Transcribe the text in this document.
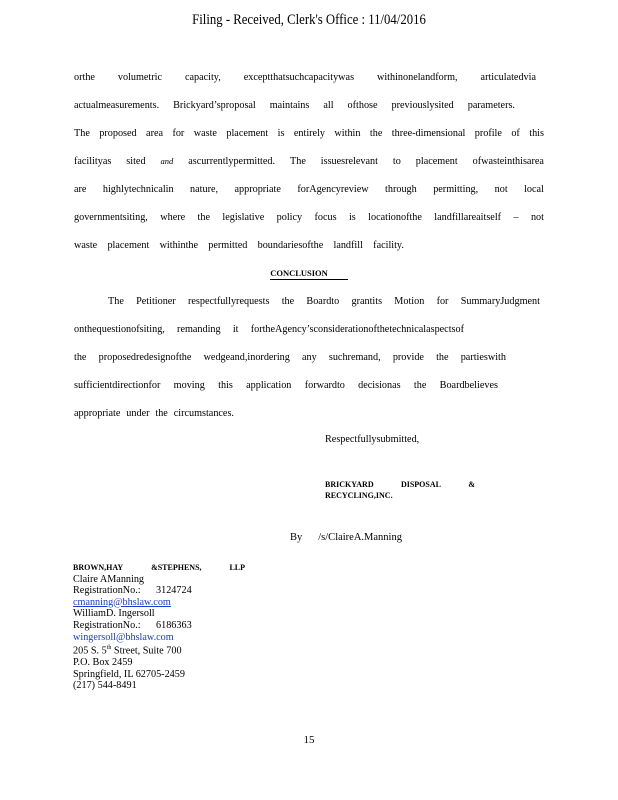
Filing - Received, Clerk's Office : 11/04/2016
orthe volumetric capacity, exceptthatsuchcapacitywas withinonelandform, articulatedvia
actualmeasurements. Brickyard’sproposal maintains all ofthose previouslysited parameters.
The proposed area for waste placement is entirely within the three-dimensional profile of this
facilityas sited and ascurrentlypermitted. The issuesrelevant to placement ofwasteinthisarea
are highlytechnicalin nature, appropriate forAgencyreview through permitting, not local
governmentsiting, where the legislative policy focus is locationofthe landfillareaitself – not
waste placement withinthe permitted boundariesofthe landfill facility.
CONCLUSION
The Petitioner respectfullyrequests the Boardto grantits Motion for SummaryJudgment
onthequestionofsiting, remanding it fortheAgency’sconsiderationofthetechnicalaspectsof
the proposedredesignofthe wedgeand,inordering any suchremand, provide the partieswith
sufficientdirectionfor moving this application forwardto decisionas the Boardbelieves
appropriate under the circumstances.
Respectfullysubmitted,
BRICKYARD	DISPOSAL	&
RECYCLING,INC.
By /s/ClaireA.Manning
BROWN,HAY	&STEPHENS,	LLP
Claire AManning
RegistrationNo.: 3124724
cmanning@bhslaw.com
WilliamD. Ingersoll
RegistrationNo.: 6186363
wingersoll@bhslaw.com
205 S. 5th Street, Suite 700
P.O. Box 2459
Springfield, IL 62705-2459
(217) 544-8491
15
